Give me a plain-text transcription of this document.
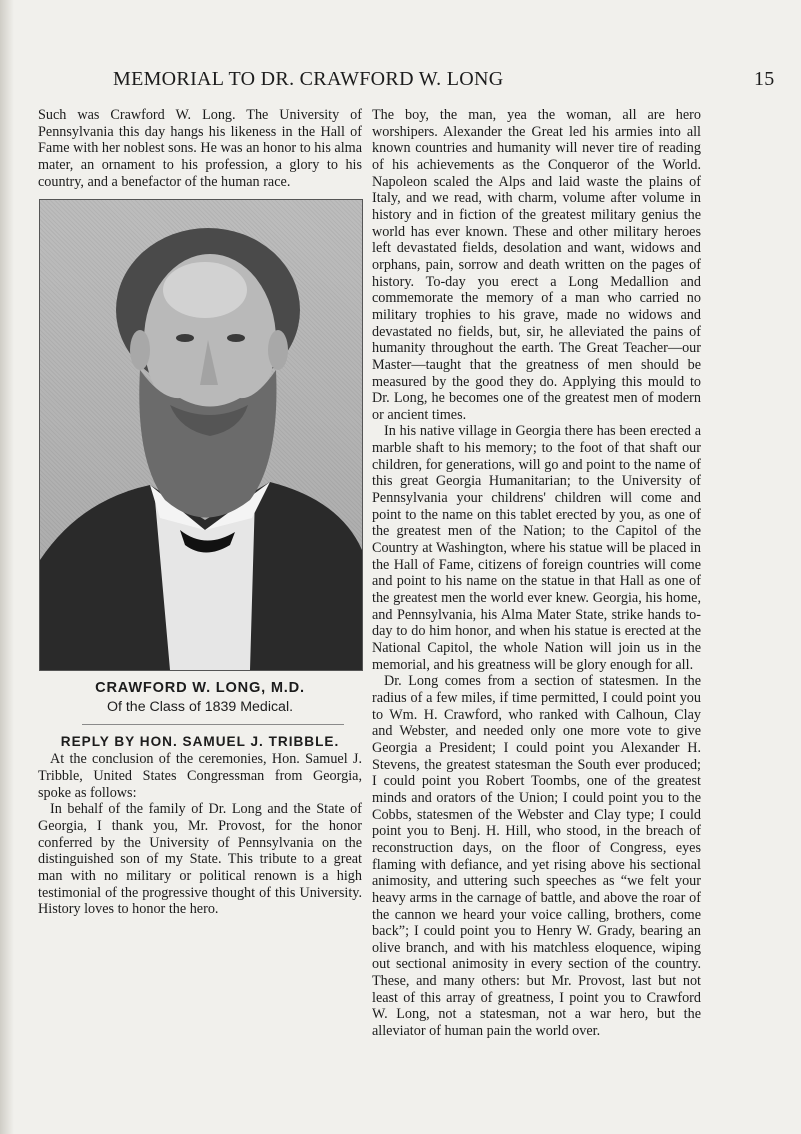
MEMORIAL TO DR. CRAWFORD W. LONG	15

Such was Crawford W. Long. The University of Pennsylvania this day hangs his likeness in the Hall of Fame with her noblest sons. He was an honor to his alma mater, an ornament to his profession, a glory to his country, and a benefactor of the human race.

CRAWFORD W. LONG, M.D.
Of the Class of 1839 Medical.
REPLY BY HON. SAMUEL J. TRIBBLE.

At the conclusion of the ceremonies, Hon. Samuel J. Tribble, United States Congressman from Georgia, spoke as follows:

In behalf of the family of Dr. Long and the State of Georgia, I thank you, Mr. Provost, for the honor conferred by the University of Pennsylvania on the distinguished son of my State. This tribute to a great man with no military or political renown is a high testimonial of the progressive thought of this University. History loves to honor the hero.

The boy, the man, yea the woman, all are hero worshipers. Alexander the Great led his armies into all known countries and humanity will never tire of reading of his achievements as the Conqueror of the World. Napoleon scaled the Alps and laid waste the plains of Italy, and we read, with charm, volume after volume in history and in fiction of the greatest military genius the world has ever known. These and other military heroes left devastated fields, desolation and want, widows and orphans, pain, sorrow and death written on the pages of history. To-day you erect a Long Medallion and commemorate the memory of a man who carried no military trophies to his grave, made no widows and devastated no fields, but, sir, he alleviated the pains of humanity throughout the earth. The Great Teacher—our Master—taught that the greatness of men should be measured by the good they do. Applying this mould to Dr. Long, he becomes one of the greatest men of modern or ancient times.

In his native village in Georgia there has been erected a marble shaft to his memory; to the foot of that shaft our children, for generations, will go and point to the name of this great Georgia Humanitarian; to the University of Pennsylvania your childrens' children will come and point to the name on this tablet erected by you, as one of the greatest men of the Nation; to the Capitol of the Country at Washington, where his statue will be placed in the Hall of Fame, citizens of foreign countries will come and point to his name on the statue in that Hall as one of the greatest men the world ever knew. Georgia, his home, and Pennsylvania, his Alma Mater State, strike hands to-day to do him honor, and when his statue is erected at the National Capitol, the whole Nation will join us in the memorial, and his greatness will be glory enough for all.

Dr. Long comes from a section of statesmen. In the radius of a few miles, if time permitted, I could point you to Wm. H. Crawford, who ranked with Calhoun, Clay and Webster, and needed only one more vote to give Georgia a President; I could point you Alexander H. Stevens, the greatest statesman the South ever produced; I could point you Robert Toombs, one of the greatest minds and orators of the Union; I could point you to the Cobbs, statesmen of the Webster and Clay type; I could point you to Benj. H. Hill, who stood, in the breach of reconstruction days, on the floor of Congress, eyes flaming with defiance, and yet rising above his sectional animosity, and uttering such speeches as “we felt your heavy arms in the carnage of battle, and above the roar of the cannon we heard your voice calling, brothers, come back”; I could point you to Henry W. Grady, bearing an olive branch, and with his matchless eloquence, wiping out sectional animosity in every section of the country. These, and many others: but Mr. Provost, last but not least of this array of greatness, I point you to Crawford W. Long, not a statesman, not a war hero, but the alleviator of human pain the world over.
